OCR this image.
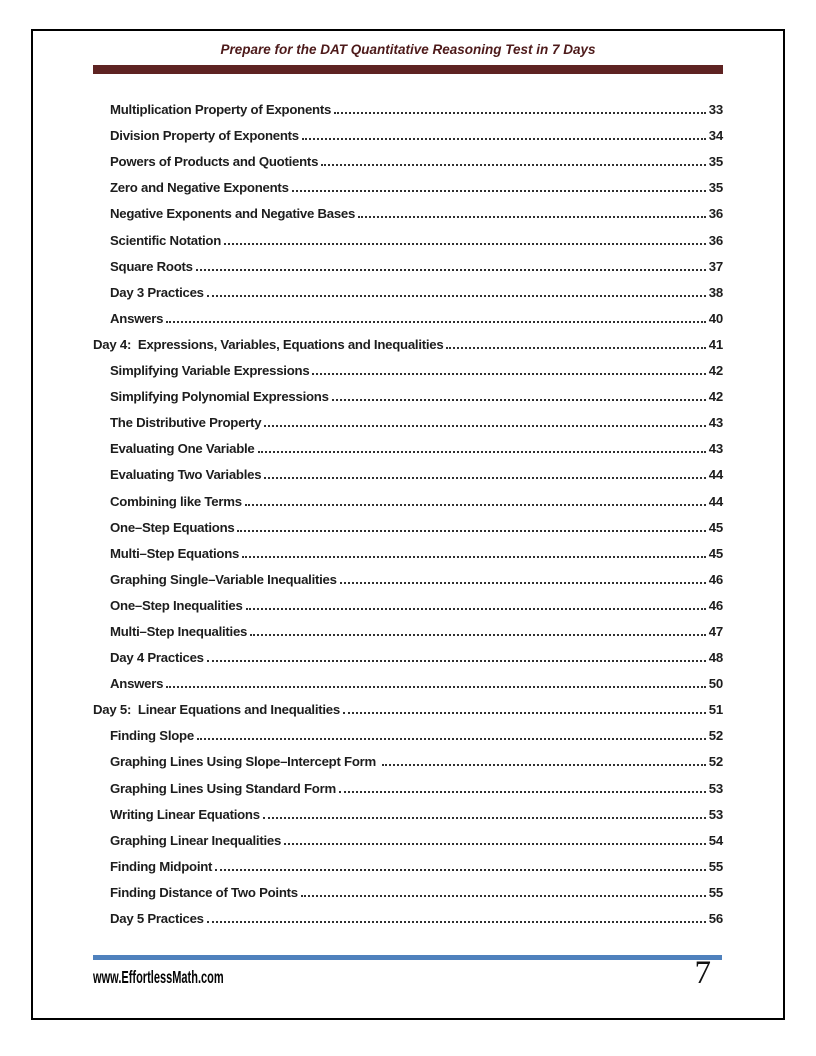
Prepare for the DAT Quantitative Reasoning Test in 7 Days
Multiplication Property of Exponents	33
Division Property of Exponents	34
Powers of Products and Quotients	35
Zero and Negative Exponents	35
Negative Exponents and Negative Bases	36
Scientific Notation	36
Square Roots	37
Day 3 Practices	38
Answers	40
Day 4:  Expressions, Variables, Equations and Inequalities	41
Simplifying Variable Expressions	42
Simplifying Polynomial Expressions	42
The Distributive Property	43
Evaluating One Variable	43
Evaluating Two Variables	44
Combining like Terms	44
One–Step Equations	45
Multi–Step Equations	45
Graphing Single–Variable Inequalities	46
One–Step Inequalities	46
Multi–Step Inequalities	47
Day 4 Practices	48
Answers	50
Day 5:  Linear Equations and Inequalities	51
Finding Slope	52
Graphing Lines Using Slope–Intercept Form	52
Graphing Lines Using Standard Form	53
Writing Linear Equations	53
Graphing Linear Inequalities	54
Finding Midpoint	55
Finding Distance of Two Points	55
Day 5 Practices	56
www.EffortlessMath.com	7
